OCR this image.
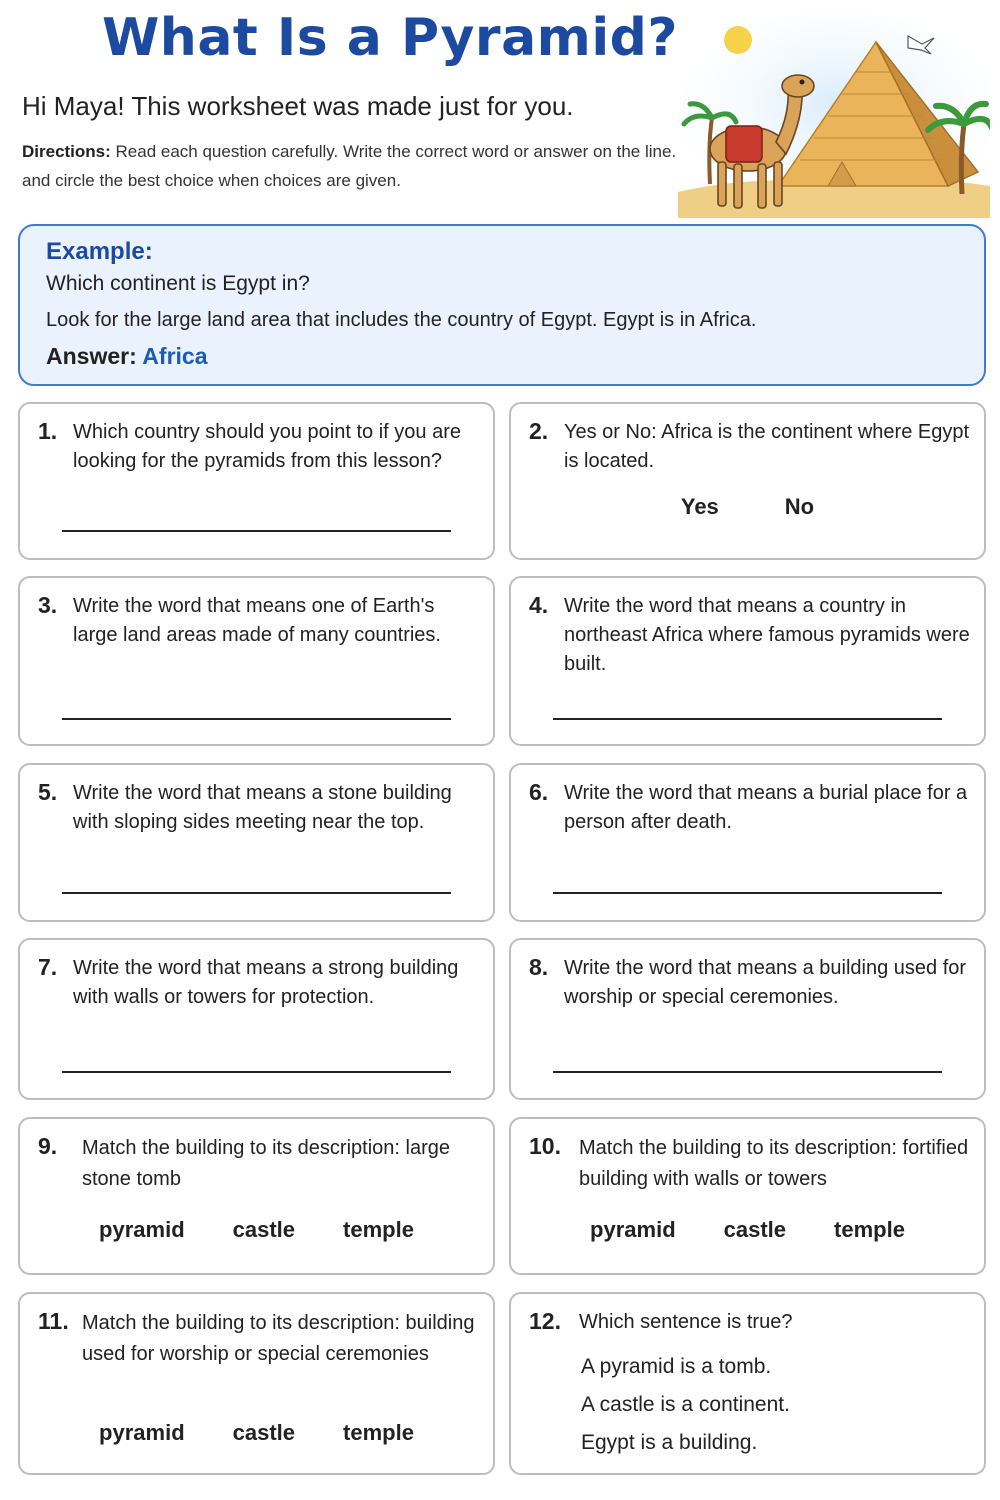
What Is a Pyramid?
Hi Maya! This worksheet was made just for you.
Directions: Read each question carefully. Write the correct word or answer on the line. and circle the best choice when choices are given.
Example:
Which continent is Egypt in?
Look for the large land area that includes the country of Egypt. Egypt is in Africa.
Answer: Africa
1. Which country should you point to if you are looking for the pyramids from this lesson?
2. Yes or No: Africa is the continent where Egypt is located.
Yes	No
3. Write the word that means one of Earth's large land areas made of many countries.
4. Write the word that means a country in northeast Africa where famous pyramids were built.
5. Write the word that means a stone building with sloping sides meeting near the top.
6. Write the word that means a burial place for a person after death.
7. Write the word that means a strong building with walls or towers for protection.
8. Write the word that means a building used for worship or special ceremonies.
9. Match the building to its description: large stone tomb
pyramid castle temple
10. Match the building to its description: fortified building with walls or towers
pyramid castle temple
11. Match the building to its description: building used for worship or special ceremonies
pyramid castle temple
12. Which sentence is true?
A pyramid is a tomb.
A castle is a continent.
Egypt is a building.
